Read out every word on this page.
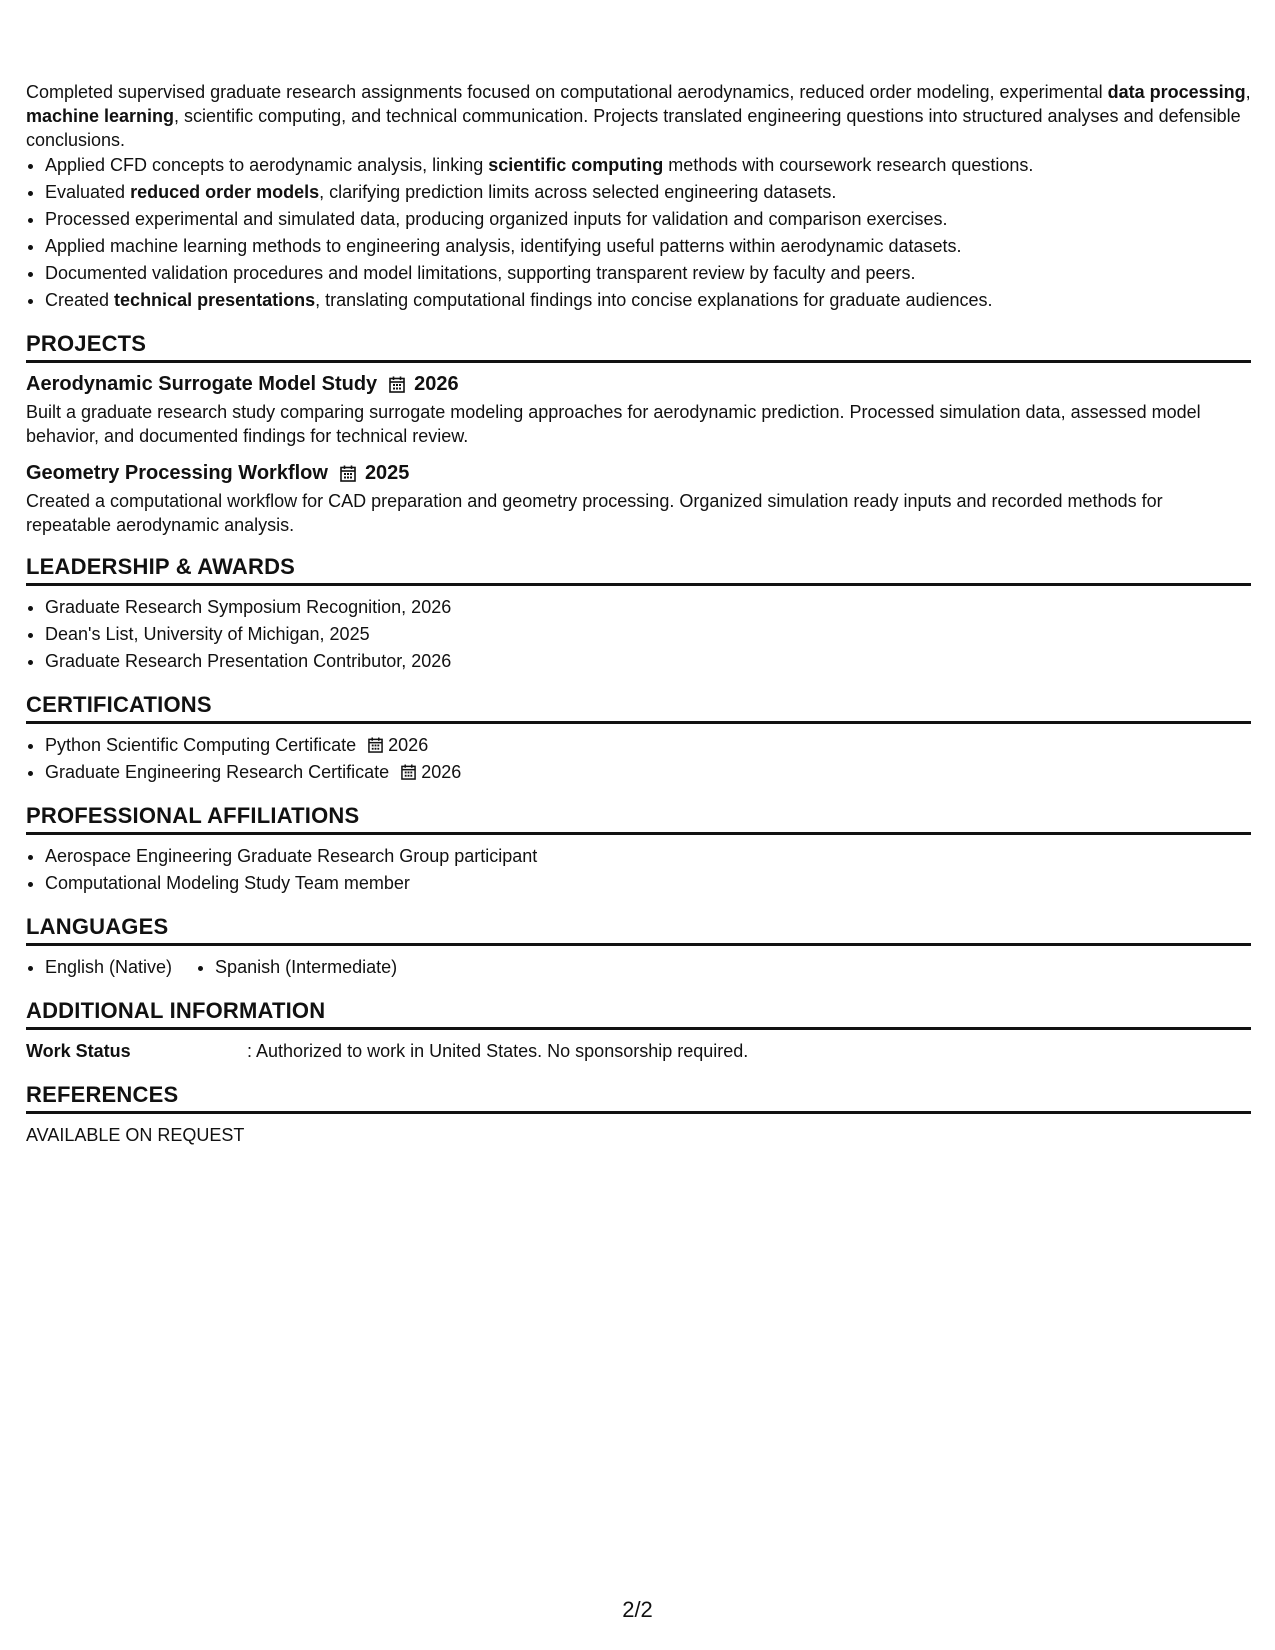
Completed supervised graduate research assignments focused on computational aerodynamics, reduced order modeling, experimental data processing, machine learning, scientific computing, and technical communication. Projects translated engineering questions into structured analyses and defensible conclusions.

• Applied CFD concepts to aerodynamic analysis, linking scientific computing methods with coursework research questions.
• Evaluated reduced order models, clarifying prediction limits across selected engineering datasets.
• Processed experimental and simulated data, producing organized inputs for validation and comparison exercises.
• Applied machine learning methods to engineering analysis, identifying useful patterns within aerodynamic datasets.
• Documented validation procedures and model limitations, supporting transparent review by faculty and peers.
• Created technical presentations, translating computational findings into concise explanations for graduate audiences.
PROJECTS
Aerodynamic Surrogate Model Study 2026

Built a graduate research study comparing surrogate modeling approaches for aerodynamic prediction. Processed simulation data, assessed model behavior, and documented findings for technical review.

Geometry Processing Workflow 2025

Created a computational workflow for CAD preparation and geometry processing. Organized simulation ready inputs and recorded methods for repeatable aerodynamic analysis.

LEADERSHIP & AWARDS
• Graduate Research Symposium Recognition, 2026
• Dean's List, University of Michigan, 2025
• Graduate Research Presentation Contributor, 2026
CERTIFICATIONS
• Python Scientific Computing Certificate 2026
• Graduate Engineering Research Certificate 2026
PROFESSIONAL AFFILIATIONS
• Aerospace Engineering Graduate Research Group participant
• Computational Modeling Study Team member
LANGUAGES
• English (Native)
• Spanish (Intermediate)
ADDITIONAL INFORMATION
Work Status	: Authorized to work in United States. No sponsorship required.
REFERENCES
AVAILABLE ON REQUEST
2/2
